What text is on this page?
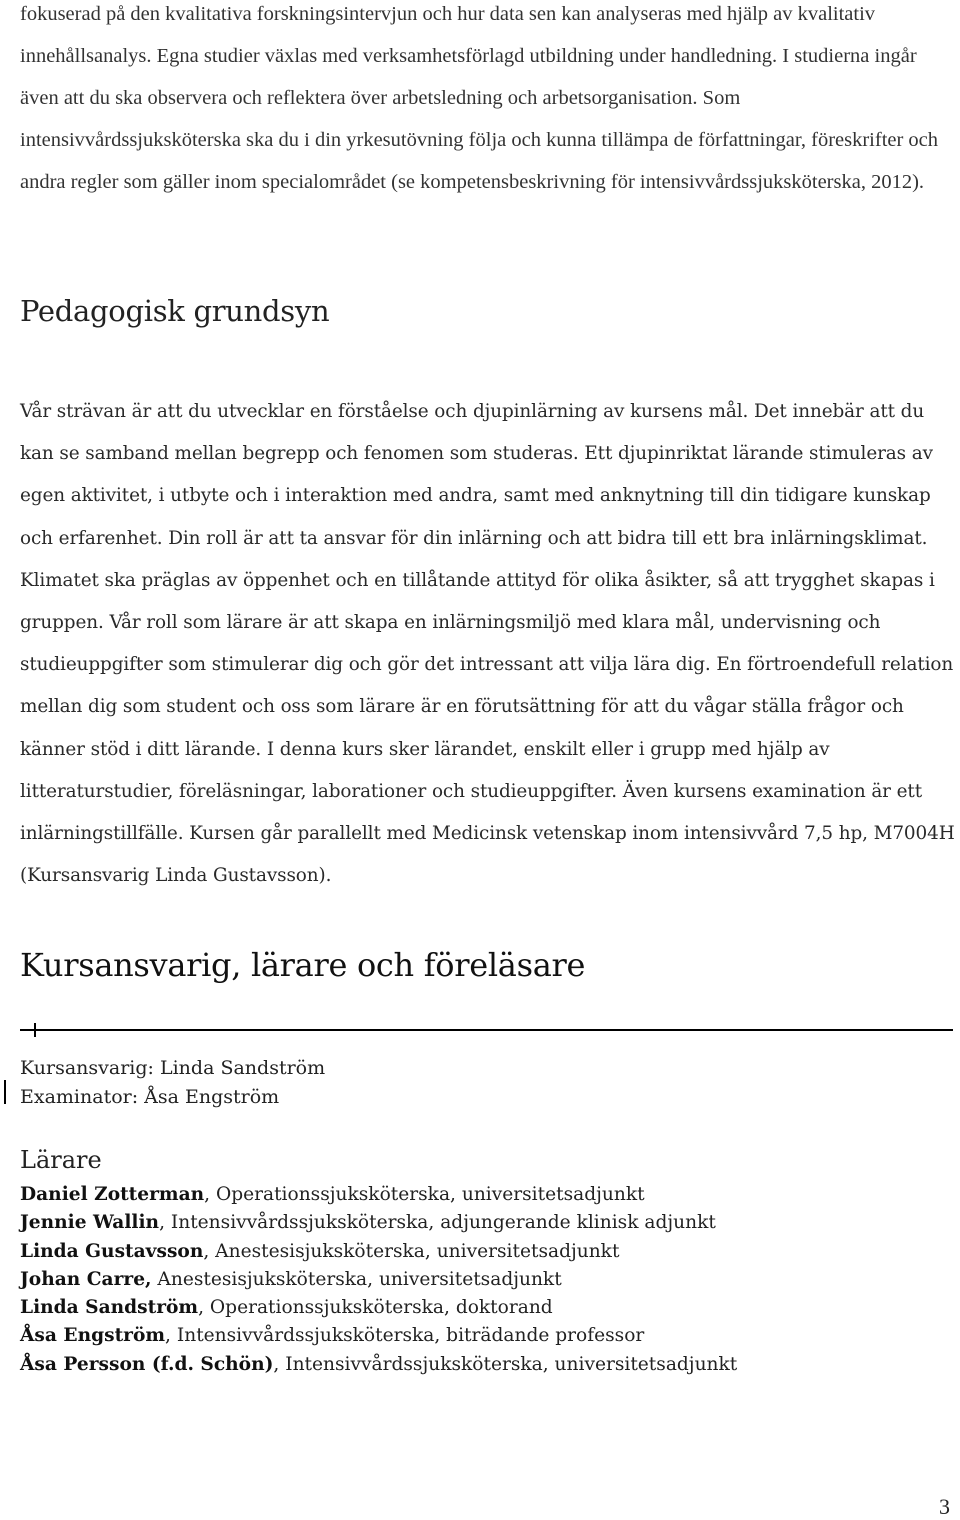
fokuserad på den kvalitativa forskningsintervjun och hur data sen kan analyseras med hjälp av kvalitativ innehållsanalys. Egna studier växlas med verksamhetsförlagd utbildning under handledning. I studierna ingår även att du ska observera och reflektera över arbetsledning och arbetsorganisation. Som intensivvårdssjuksköterska ska du i din yrkesutövning följa och kunna tillämpa de författningar, föreskrifter och andra regler som gäller inom specialområdet (se kompetensbeskrivning för intensivvårdssjuksköterska, 2012).

Pedagogisk grundsyn

Vår strävan är att du utvecklar en förståelse och djupinlärning av kursens mål. Det innebär att du kan se samband mellan begrepp och fenomen som studeras. Ett djupinriktat lärande stimuleras av egen aktivitet, i utbyte och i interaktion med andra, samt med anknytning till din tidigare kunskap och erfarenhet. Din roll är att ta ansvar för din inlärning och att bidra till ett bra inlärningsklimat. Klimatet ska präglas av öppenhet och en tillåtande attityd för olika åsikter, så att trygghet skapas i gruppen. Vår roll som lärare är att skapa en inlärningsmiljö med klara mål, undervisning och studieuppgifter som stimulerar dig och gör det intressant att vilja lära dig. En förtroendefull relation mellan dig som student och oss som lärare är en förutsättning för att du vågar ställa frågor och känner stöd i ditt lärande. I denna kurs sker lärandet, enskilt eller i grupp med hjälp av litteraturstudier, föreläsningar, laborationer och studieuppgifter. Även kursens examination är ett inlärningstillfälle. Kursen går parallellt med Medicinsk vetenskap inom intensivvård 7,5 hp, M7004H (Kursansvarig Linda Gustavsson).

Kursansvarig, lärare och föreläsare
Kursansvarig: Linda Sandström
Examinator: Åsa Engström
Lärare
Daniel Zotterman, Operationssjuksköterska, universitetsadjunkt
Jennie Wallin, Intensivvårdssjuksköterska, adjungerande klinisk adjunkt
Linda Gustavsson, Anestesisjuksköterska, universitetsadjunkt
Johan Carre, Anestesisjuksköterska, universitetsadjunkt
Linda Sandström, Operationssjuksköterska, doktorand
Åsa Engström, Intensivvårdssjuksköterska, biträdande professor
Åsa Persson (f.d. Schön), Intensivvårdssjuksköterska, universitetsadjunkt
3
